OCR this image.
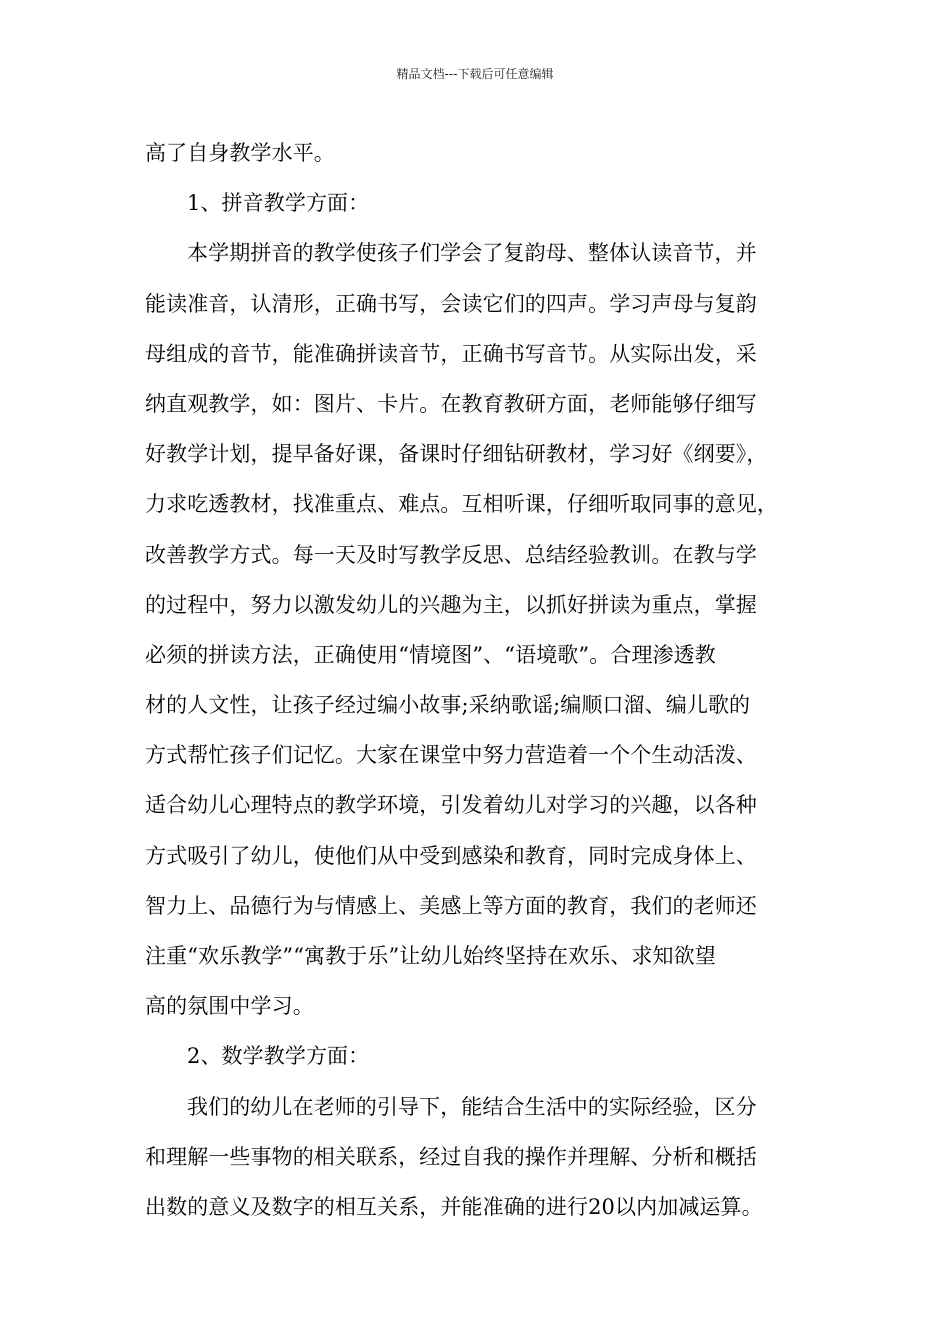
精品文档---下载后可任意编辑
高了自身教学水平。
1、拼音教学方面：
本学期拼音的教学使孩子们学会了复韵母、整体认读音节，并
能读准音，认清形，正确书写，会读它们的四声。学习声母与复韵
母组成的音节，能准确拼读音节，正确书写音节。从实际出发，采
纳直观教学，如：图片、卡片。在教育教研方面，老师能够仔细写
好教学计划，提早备好课，备课时仔细钻研教材，学习好《纲要》，
力求吃透教材，找准重点、难点。互相听课，仔细听取同事的意见，
改善教学方式。每一天及时写教学反思、总结经验教训。在教与学
的过程中，努力以激发幼儿的兴趣为主，以抓好拼读为重点，掌握
必须的拼读方法，正确使用“情境图”、“语境歌”。合理渗透教
材的人文性，让孩子经过编小故事;采纳歌谣;编顺口溜、编儿歌的
方式帮忙孩子们记忆。大家在课堂中努力营造着一个个生动活泼、
适合幼儿心理特点的教学环境，引发着幼儿对学习的兴趣，以各种
方式吸引了幼儿，使他们从中受到感染和教育，同时完成身体上、
智力上、品德行为与情感上、美感上等方面的教育，我们的老师还
注重“欢乐教学”“寓教于乐”让幼儿始终坚持在欢乐、求知欲望
高的氛围中学习。
2、数学教学方面：
我们的幼儿在老师的引导下，能结合生活中的实际经验，区分
和理解一些事物的相关联系，经过自我的操作并理解、分析和概括
出数的意义及数字的相互关系，并能准确的进行20以内加减运算。
